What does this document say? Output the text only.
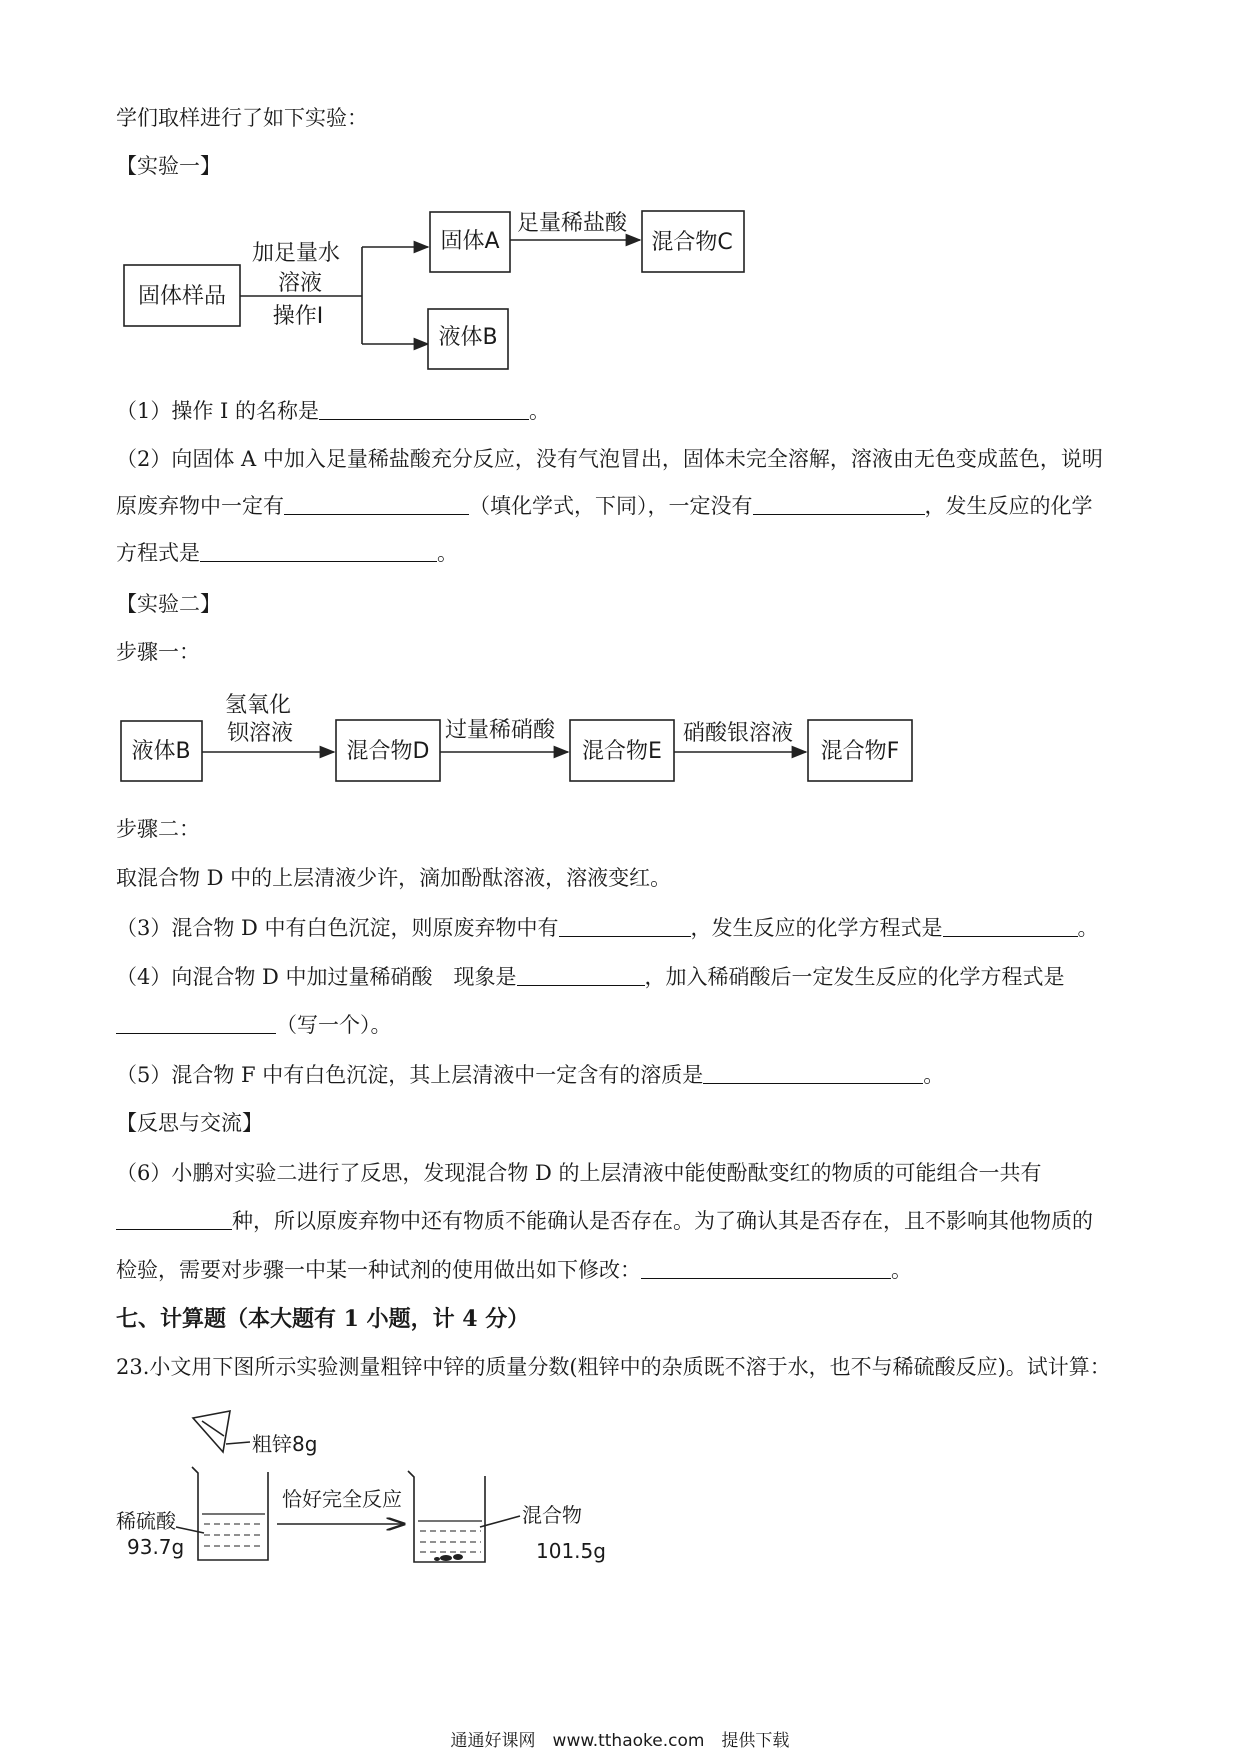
学们取样进行了如下实验：
【实验一】
固体样品
加足量水
溶液
操作I
固体A
足量稀盐酸
混合物C
液体B
（1）操作 I 的名称是	。
（2）向固体 A 中加入足量稀盐酸充分反应，没有气泡冒出，固体未完全溶解，溶液由无色变成蓝色，说明
原废弃物中一定有	（填化学式，下同），一定没有	，发生反应的化学
方程式是	。
【实验二】
步骤一：
液体B
氢氧化
钡溶液
混合物D
过量稀硝酸
混合物E
硝酸银溶液
混合物F
步骤二：
取混合物 D 中的上层清液少许，滴加酚酞溶液，溶液变红。
（3）混合物 D 中有白色沉淀，则原废弃物中有	，发生反应的化学方程式是	。
（4）向混合物 D 中加过量稀硝酸　现象是	，加入稀硝酸后一定发生反应的化学方程式是
（写一个）。
（5）混合物 F 中有白色沉淀，其上层清液中一定含有的溶质是	。
【反思与交流】
（6）小鹏对实验二进行了反思，发现混合物 D 的上层清液中能使酚酞变红的物质的可能组合一共有
种，所以原废弃物中还有物质不能确认是否存在。为了确认其是否存在，且不影响其他物质的
检验，需要对步骤一中某一种试剂的使用做出如下修改：	。
七、计算题（本大题有 1 小题，计 4 分）
23.小文用下图所示实验测量粗锌中锌的质量分数(粗锌中的杂质既不溶于水，也不与稀硫酸反应)。试计算：
粗锌8g
稀硫酸
93.7g
恰好完全反应
混合物
101.5g
通通好课网　www.tthaoke.com　提供下载
